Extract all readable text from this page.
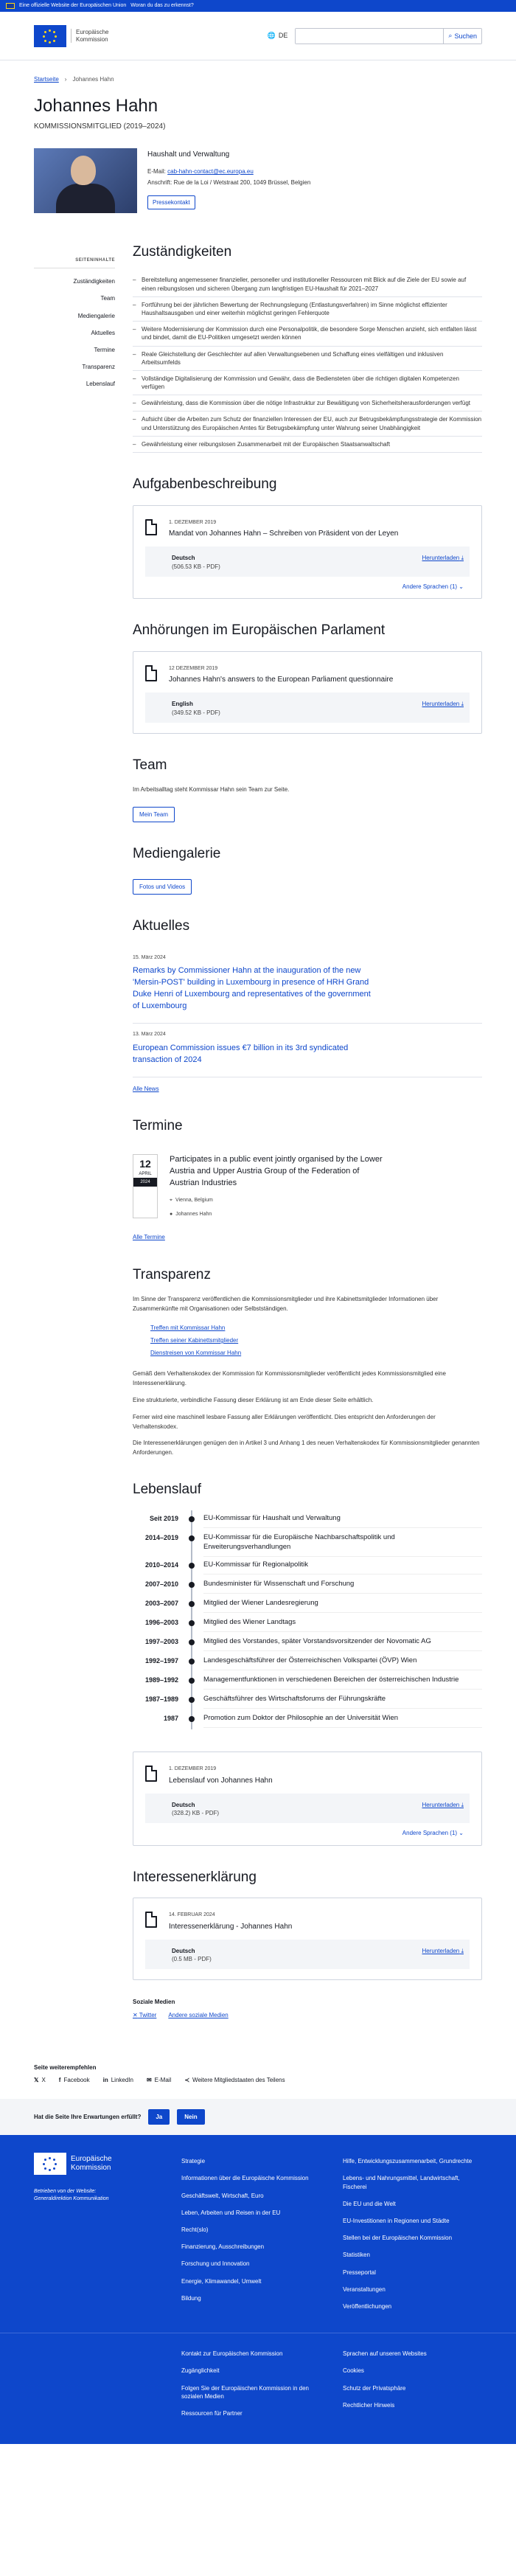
Eine offizielle Website der Europäischen Union Woran du das zu erkennst?
Europäische
Kommission	🌐 DE	⌕ Suchen
Startseite › Johannes Hahn
Johannes Hahn
KOMMISSIONSMITGLIED (2019–2024)
Haushalt und Verwaltung

E-Mail: cab-hahn-contact@ec.europa.eu

Anschrift: Rue de la Loi / Wetstraat 200, 1049 Brüssel, Belgien

Pressekontakt
SEITENINHALTE
Zuständigkeiten
Team
Mediengalerie
Aktuelles
Termine
Transparenz
Lebenslauf
Zuständigkeiten
– Bereitstellung angemessener finanzieller, personeller und institutioneller Ressourcen mit Blick auf die Ziele der EU sowie auf einen reibungslosen und sicheren Übergang zum langfristigen EU-Haushalt für 2021–2027
– Fortführung bei der jährlichen Bewertung der Rechnungslegung (Entlastungsverfahren) im Sinne möglichst effizienter Haushaltsausgaben und einer weiterhin möglichst geringen Fehlerquote
– Weitere Modernisierung der Kommission durch eine Personalpolitik, die besondere Sorge Menschen anzieht, sich entfalten lässt und bindet, damit die EU-Politiken umgesetzt werden können
– Reale Gleichstellung der Geschlechter auf allen Verwaltungsebenen und Schaffung eines vielfältigen und inklusiven Arbeitsumfelds
– Vollständige Digitalisierung der Kommission und Gewähr, dass die Bediensteten über die richtigen digitalen Kompetenzen verfügen
– Gewährleistung, dass die Kommission über die nötige Infrastruktur zur Bewältigung von Sicherheitsherausforderungen verfügt
– Aufsicht über die Arbeiten zum Schutz der finanziellen Interessen der EU, auch zur Betrugsbekämpfungsstrategie der Kommission und Unterstützung des Europäischen Amtes für Betrugsbekämpfung unter Wahrung seiner Unabhängigkeit
– Gewährleistung einer reibungslosen Zusammenarbeit mit der Europäischen Staatsanwaltschaft
Aufgabenbeschreibung
1. DEZEMBER 2019
Mandat von Johannes Hahn – Schreiben von Präsident von der Leyen
Deutsch
(506.53 KB - PDF)
Herunterladen ⤓
Andere Sprachen (1) ⌄
Anhörungen im Europäischen Parlament
12 DEZEMBER 2019
Johannes Hahn's answers to the European Parliament questionnaire
English
(349.52 KB - PDF)
Herunterladen ⤓
Team

Im Arbeitsalltag steht Kommissar Hahn sein Team zur Seite.

Mein Team
Mediengalerie
Fotos und Videos
Aktuelles
15. März 2024
Remarks by Commissioner Hahn at the inauguration of the new 'Mersin-POST' building in Luxembourg in presence of HRH Grand Duke Henri of Luxembourg and representatives of the government of Luxembourg
13. März 2024
European Commission issues €7 billion in its 3rd syndicated transaction of 2024
Alle News
Termine
12
APRIL
2024
Participates in a public event jointly organised by the Lower Austria and Upper Austria Group of the Federation of Austrian Industries
⌖ Vienna, Belgium
● Johannes Hahn
Alle Termine
Transparenz

Im Sinne der Transparenz veröffentlichen die Kommissionsmitglieder und ihre Kabinettsmitglieder Informationen über Zusammenkünfte mit Organisationen oder Selbstständigen.

Treffen mit Kommissar Hahn
Treffen seiner Kabinettsmitglieder
Dienstreisen von Kommissar Hahn

Gemäß dem Verhaltenskodex der Kommission für Kommissionsmitglieder veröffentlicht jedes Kommissionsmitglied eine Interessenerklärung.

Eine strukturierte, verbindliche Fassung dieser Erklärung ist am Ende dieser Seite erhältlich.

Ferner wird eine maschinell lesbare Fassung aller Erklärungen veröffentlicht. Dies entspricht den Anforderungen der Verhaltenskodex.

Die Interessenerklärungen genügen den in Artikel 3 und Anhang 1 des neuen Verhaltenskodex für Kommissionsmitglieder genannten Anforderungen.

Lebenslauf
Seit 2019	EU-Kommissar für Haushalt und Verwaltung
2014–2019	EU-Kommissar für die Europäische Nachbarschaftspolitik und Erweiterungsverhandlungen
2010–2014	EU-Kommissar für Regionalpolitik
2007–2010	Bundesminister für Wissenschaft und Forschung
2003–2007	Mitglied der Wiener Landesregierung
1996–2003	Mitglied des Wiener Landtags
1997–2003	Mitglied des Vorstandes, später Vorstandsvorsitzender der Novomatic AG
1992–1997	Landesgeschäftsführer der Österreichischen Volkspartei (ÖVP) Wien
1989–1992	Managementfunktionen in verschiedenen Bereichen der österreichischen Industrie
1987–1989	Geschäftsführer des Wirtschaftsforums der Führungskräfte
1987	Promotion zum Doktor der Philosophie an der Universität Wien
1. DEZEMBER 2019
Lebenslauf von Johannes Hahn
Deutsch
(328.2) KB - PDF)
Herunterladen ⤓
Andere Sprachen (1) ⌄
Interessenerklärung
14. FEBRUAR 2024
Interessenerklärung - Johannes Hahn
Deutsch
(0.5 MB - PDF)
Herunterladen ⤓
Soziale Medien
✕ Twitter Andere soziale Medien
Seite weiterempfehlen
𝕏 X f Facebook in LinkedIn ✉ E-Mail ≺ Weitere Mitgliedstaaten des Teilens
Hat die Seite Ihre Erwartungen erfüllt?	Ja	Nein
Europäische
Kommission
Betrieben von der Website:
Generaldirektion Kommunikation
Strategie
Informationen über die Europäische Kommission
Geschäftswelt, Wirtschaft, Euro
Leben, Arbeiten und Reisen in der EU
Recht(slo)
Finanzierung, Ausschreibungen
Forschung und Innovation
Energie, Klimawandel, Umwelt
Bildung
Hilfe, Entwicklungszusammenarbeit, Grundrechte
Lebens- und Nahrungsmittel, Landwirtschaft, Fischerei
Die EU und die Welt
EU-Investitionen in Regionen und Städte
Stellen bei der Europäischen Kommission
Statistiken
Presseportal
Veranstaltungen
Veröffentlichungen
Kontakt zur Europäischen Kommission
Zugänglichkeit
Folgen Sie der Europäischen Kommission in den sozialen Medien
Ressourcen für Partner
Sprachen auf unseren Websites
Cookies
Schutz der Privatsphäre
Rechtlicher Hinweis
